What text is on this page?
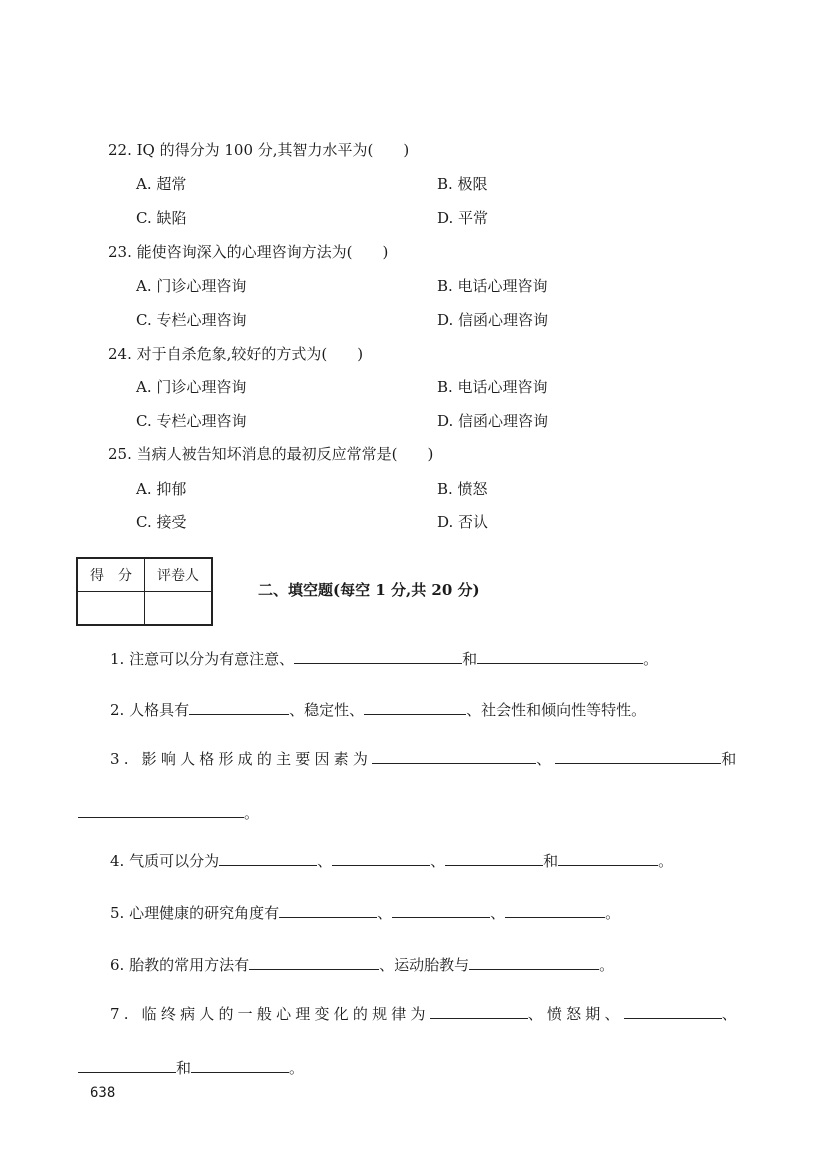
22. IQ 的得分为 100 分,其智力水平为(　　)
A. 超常	B. 极限
C. 缺陷	D. 平常
23. 能使咨询深入的心理咨询方法为(　　)
A. 门诊心理咨询	B. 电话心理咨询
C. 专栏心理咨询	D. 信函心理咨询
24. 对于自杀危象,较好的方式为(　　)
A. 门诊心理咨询	B. 电话心理咨询
C. 专栏心理咨询	D. 信函心理咨询
25. 当病人被告知坏消息的最初反应常常是(　　)
A. 抑郁	B. 愤怒
C. 接受	D. 否认
得　分	评卷人

二、填空题(每空 1 分,共 20 分)
1. 注意可以分为有意注意、	和	。
2. 人格具有	、稳定性、	、社会性和倾向性等特性。
3. 影响人格形成的主要因素为	、	和
。
4. 气质可以分为	、	、	和	。
5. 心理健康的研究角度有	、	、	。
6. 胎教的常用方法有	、运动胎教与	。
7. 临终病人的一般心理变化的规律为	、愤怒期、	、
和	。
638
